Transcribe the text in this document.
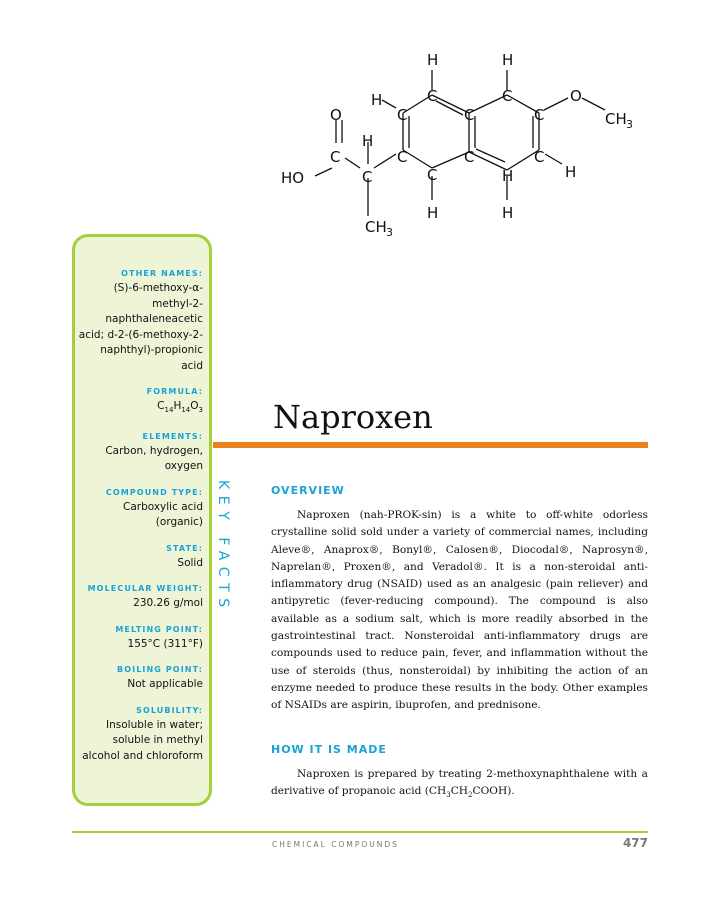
H	H
H	C	C	O
CH 3
O	C	C	C
H
H
C	C	C	C
C
HO	C	H
H	H
CH 3
OTHER NAMES:
(S)-6-methoxy-α-methyl-2-naphthaleneacetic acid; d-2-(6-methoxy-2-naphthyl)-propionic acid
FORMULA:
$C_{14}H_{14}O_3$
ELEMENTS:
Carbon, hydrogen, oxygen
COMPOUND TYPE:
Carboxylic acid (organic)
STATE:
Solid
MOLECULAR WEIGHT:
230.26 g/mol
MELTING POINT:
155°C (311°F)
BOILING POINT:
Not applicable
SOLUBILITY:
Insoluble in water; soluble in methyl alcohol and chloroform
KEY FACTS
Naproxen
OVERVIEW

Naproxen (nah-PROK-sin) is a white to off-white odorless crystalline solid sold under a variety of commercial names, including Aleve®, Anaprox®, Bonyl®, Calosen®, Diocodal®, Naprosyn®, Naprelan®, Proxen®, and Veradol®. It is a non-steroidal anti-inflammatory drug (NSAID) used as an analgesic (pain reliever) and antipyretic (fever-reducing compound). The compound is also available as a sodium salt, which is more readily absorbed in the gastrointestinal tract. Nonsteroidal anti-inflammatory drugs are compounds used to reduce pain, fever, and inflammation without the use of steroids (thus, nonsteroidal) by inhibiting the action of an enzyme needed to produce these results in the body. Other examples of NSAIDs are aspirin, ibuprofen, and prednisone.

HOW IT IS MADE

Naproxen is prepared by treating 2-methoxynaphthalene with a derivative of propanoic acid $(CH_3CH_2COOH)$.

CHEMICAL COMPOUNDS	477
